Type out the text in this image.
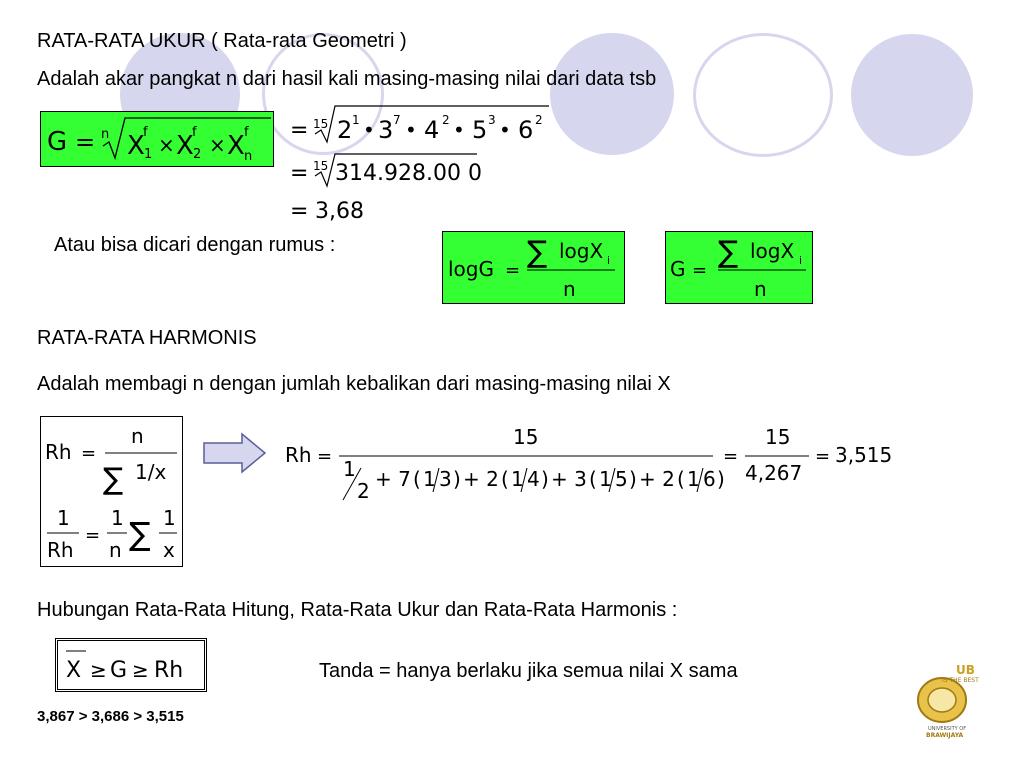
RATA-RATA UKUR ( Rata-rata Geometri )
Adalah akar pangkat n dari hasil kali masing-masing nilai dari data tsb
G = n X
f
1 × X
f
2 × X f
n
= 15 2 1 • 3 7 • 4 2 • 5 3 • 6 2
= 15 314.928.00 0
= 3,68
Atau bisa dicari dengan rumus :
logG =
∑ logX i
n
G =
∑ logX i
n
RATA-RATA HARMONIS
Adalah membagi n dengan jumlah kebalikan dari masing-masing nilai X
Rh =
n
∑ 1/x
1
Rh
=
1
n ∑ 1
x
Rh =
15
1
2 + 7 ( 1 3 ) + 2 ( 1 4 ) + 3 ( 1 5 ) + 2 ( 1 6 )
=
15
4,267
= 3,515
Hubungan Rata-Rata Hitung, Rata-Rata Ukur dan Rata-Rata Harmonis :
X ≥ G ≥ Rh	Tanda = hanya berlaku jika semua nilai X sama
3,867 > 3,686 > 3,515
UB
IS THE BEST
UNIVERSITY OF
BRAWIJAYA
